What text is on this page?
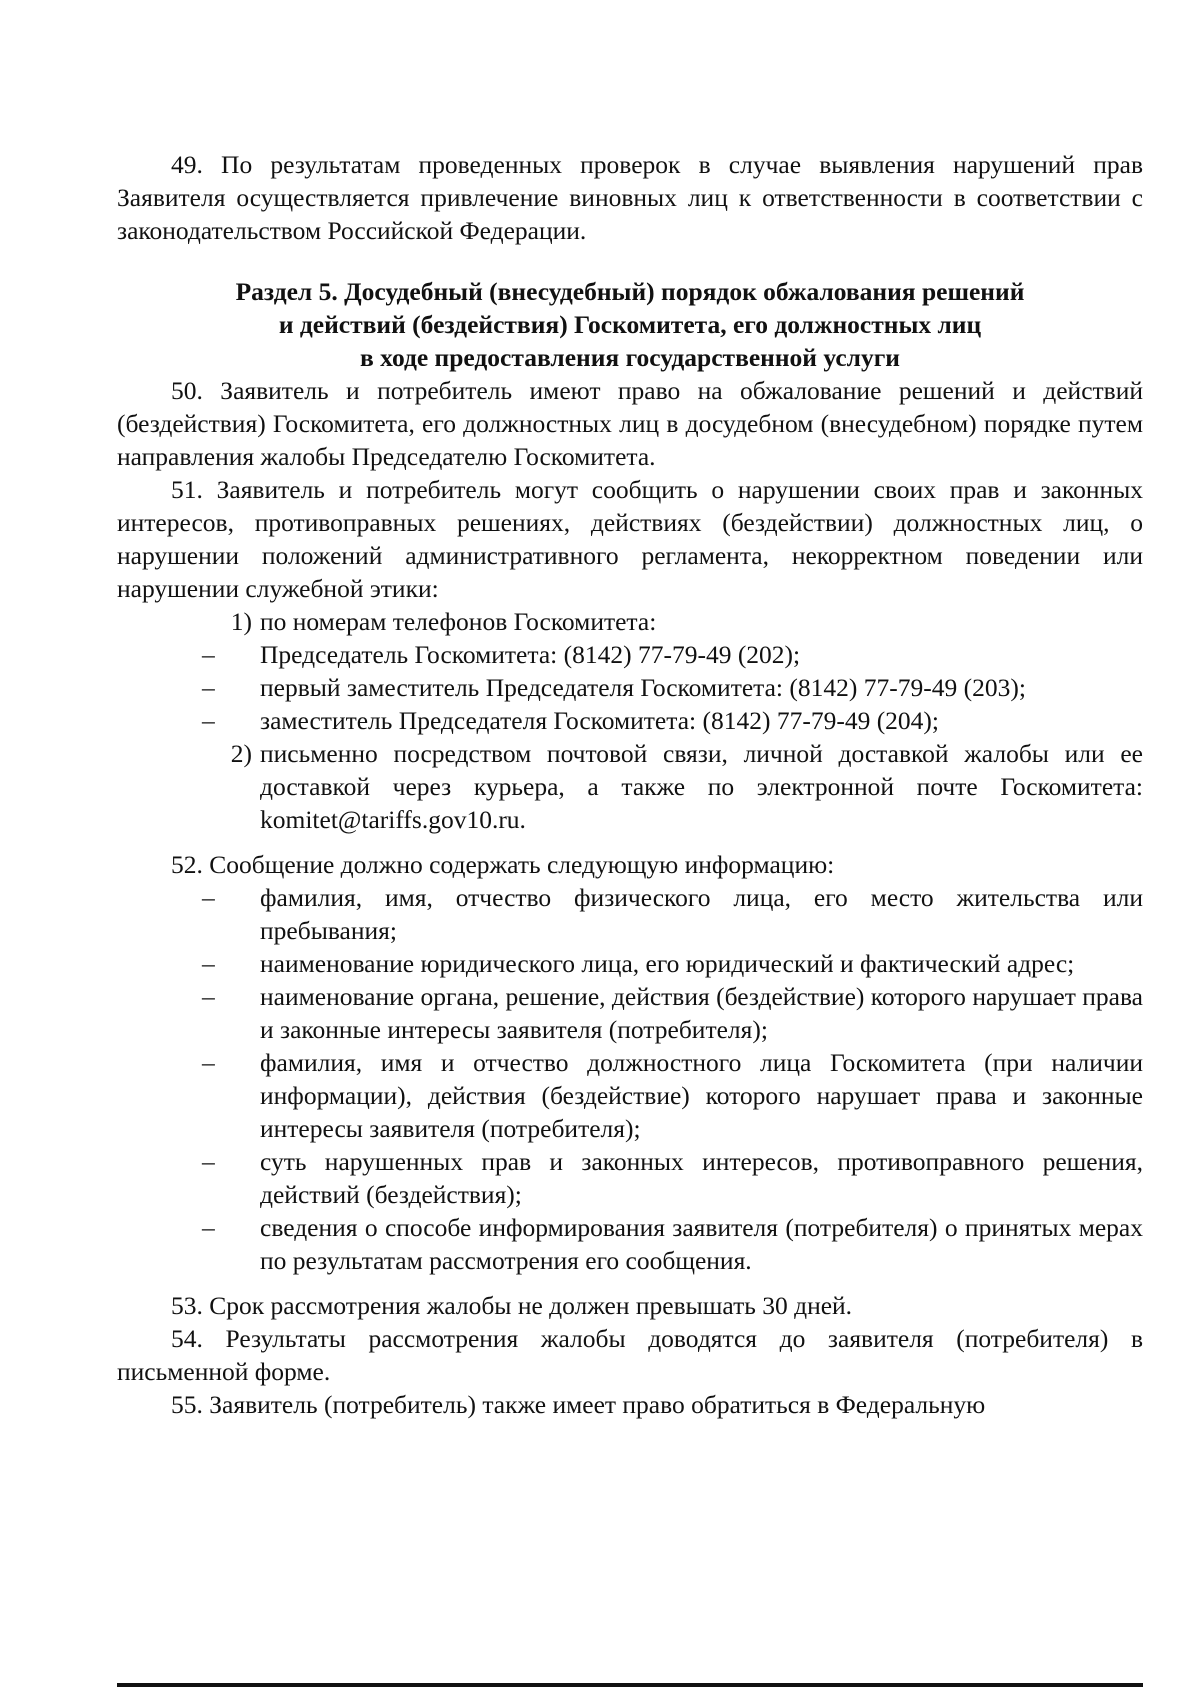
49. По результатам проведенных проверок в случае выявления нарушений прав Заявителя осуществляется привлечение виновных лиц к ответственности в соответствии с законодательством Российской Федерации.

Раздел 5. Досудебный (внесудебный) порядок обжалования решений
и действий (бездействия) Госкомитета, его должностных лиц
в ходе предоставления государственной услуги

50. Заявитель и потребитель имеют право на обжалование решений и действий (бездействия) Госкомитета, его должностных лиц в досудебном (внесудебном) порядке путем направления жалобы Председателю Госкомитета.

51. Заявитель и потребитель могут сообщить о нарушении своих прав и законных интересов, противоправных решениях, действиях (бездействии) должностных лиц, о нарушении положений административного регламента, некорректном поведении или нарушении служебной этики:

1) по номерам телефонов Госкомитета:
–	Председатель Госкомитета: (8142) 77-79-49 (202);
–	первый заместитель Председателя Госкомитета: (8142) 77-79-49 (203);
–	заместитель Председателя Госкомитета: (8142) 77-79-49 (204);
2) письменно посредством почтовой связи, личной доставкой жалобы или ее доставкой через курьера, а также по электронной почте Госкомитета: komitet@tariffs.gov10.ru.

52. Сообщение должно содержать следующую информацию:

–	фамилия, имя, отчество физического лица, его место жительства или пребывания;
–	наименование юридического лица, его юридический и фактический адрес;
–	наименование органа, решение, действия (бездействие) которого нарушает права и законные интересы заявителя (потребителя);
–	фамилия, имя и отчество должностного лица Госкомитета (при наличии информации), действия (бездействие) которого нарушает права и законные интересы заявителя (потребителя);
–	суть нарушенных прав и законных интересов, противоправного решения, действий (бездействия);
–	сведения о способе информирования заявителя (потребителя) о принятых мерах по результатам рассмотрения его сообщения.

53. Срок рассмотрения жалобы не должен превышать 30 дней.

54. Результаты рассмотрения жалобы доводятся до заявителя (потребителя) в письменной форме.

55. Заявитель (потребитель) также имеет право обратиться в Федеральную
